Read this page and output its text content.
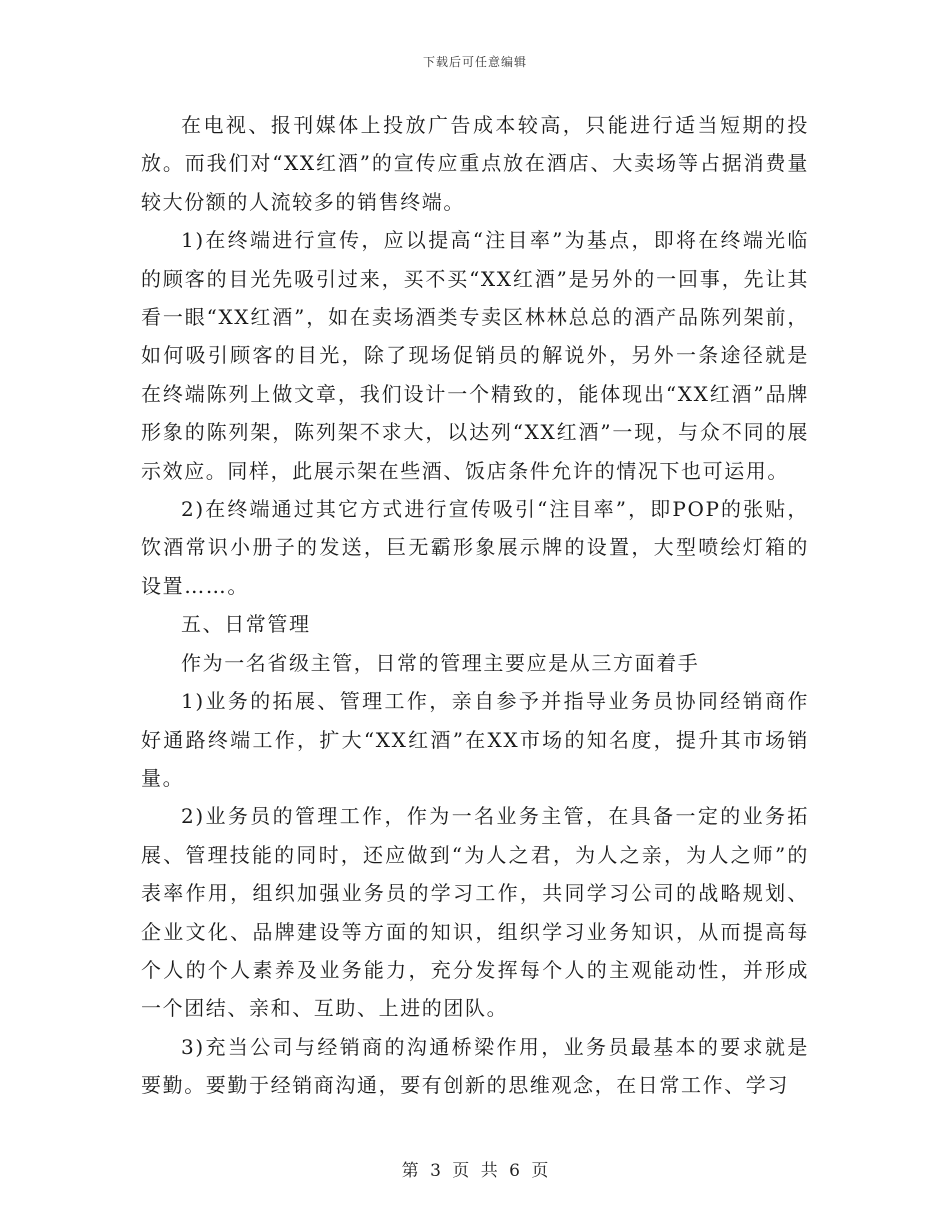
下载后可任意编辑

在电视、报刊媒体上投放广告成本较高，只能进行适当短期的投放。而我们对“XX红酒”的宣传应重点放在酒店、大卖场等占据消费量较大份额的人流较多的销售终端。

1)在终端进行宣传，应以提高“注目率”为基点，即将在终端光临的顾客的目光先吸引过来，买不买“XX红酒”是另外的一回事，先让其看一眼“XX红酒”，如在卖场酒类专卖区林林总总的酒产品陈列架前，如何吸引顾客的目光，除了现场促销员的解说外，另外一条途径就是在终端陈列上做文章，我们设计一个精致的，能体现出“XX红酒”品牌形象的陈列架，陈列架不求大，以达列“XX红酒”一现，与众不同的展示效应。同样，此展示架在些酒、饭店条件允许的情况下也可运用。

2)在终端通过其它方式进行宣传吸引“注目率”，即POP的张贴，饮酒常识小册子的发送，巨无霸形象展示牌的设置，大型喷绘灯箱的设置……。

五、日常管理

作为一名省级主管，日常的管理主要应是从三方面着手

1)业务的拓展、管理工作，亲自参予并指导业务员协同经销商作好通路终端工作，扩大“XX红酒”在XX市场的知名度，提升其市场销量。

2)业务员的管理工作，作为一名业务主管，在具备一定的业务拓展、管理技能的同时，还应做到“为人之君，为人之亲，为人之师”的表率作用，组织加强业务员的学习工作，共同学习公司的战略规划、企业文化、品牌建设等方面的知识，组织学习业务知识，从而提高每个人的个人素养及业务能力，充分发挥每个人的主观能动性，并形成一个团结、亲和、互助、上进的团队。

3)充当公司与经销商的沟通桥梁作用，业务员最基本的要求就是要勤。要勤于经销商沟通，要有创新的思维观念，在日常工作、学习

第 3 页 共 6 页
